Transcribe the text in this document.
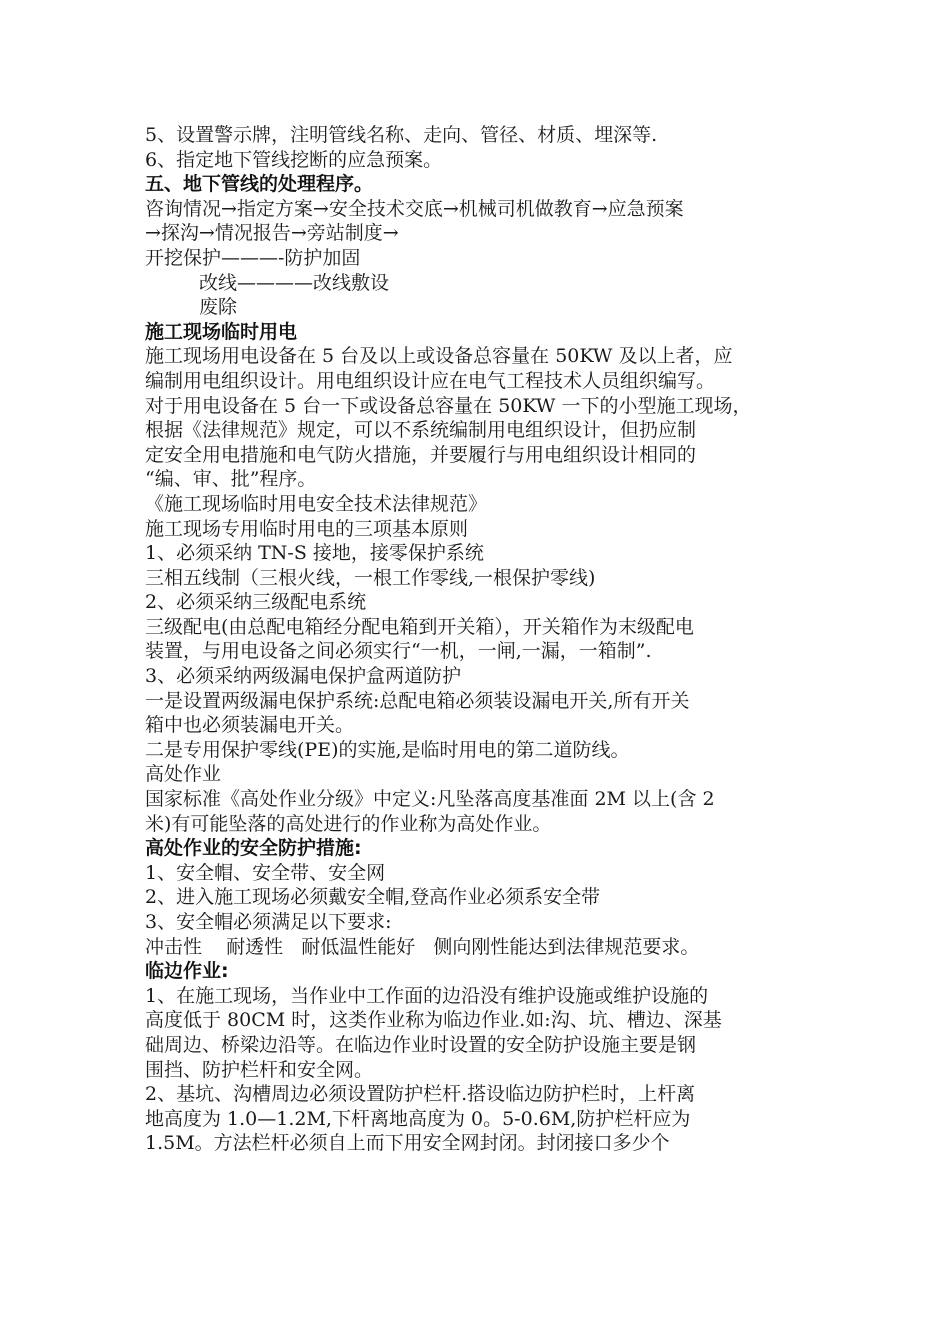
5、设置警示牌，注明管线名称、走向、管径、材质、埋深等.
6、指定地下管线挖断的应急预案。
五、地下管线的处理程序。
咨询情况→指定方案→安全技术交底→机械司机做教育→应急预案
→探沟→情况报告→旁站制度→
开挖保护———-防护加固
改线————改线敷设
废除
施工现场临时用电
施工现场用电设备在 5 台及以上或设备总容量在 50KW 及以上者，应
编制用电组织设计。用电组织设计应在电气工程技术人员组织编写。
对于用电设备在 5 台一下或设备总容量在 50KW 一下的小型施工现场，
根据《法律规范》规定，可以不系统编制用电组织设计，但扔应制
定安全用电措施和电气防火措施，并要履行与用电组织设计相同的
“编、审、批”程序。
《施工现场临时用电安全技术法律规范》
施工现场专用临时用电的三项基本原则
1、必须采纳 TN-S 接地，接零保护系统
三相五线制（三根火线，一根工作零线,一根保护零线)
2、必须采纳三级配电系统
三级配电(由总配电箱经分配电箱到开关箱），开关箱作为末级配电
装置，与用电设备之间必须实行“一机，一闸,一漏，一箱制”.
3、必须采纳两级漏电保护盒两道防护
一是设置两级漏电保护系统:总配电箱必须装设漏电开关,所有开关
箱中也必须装漏电开关。
二是专用保护零线(PE)的实施,是临时用电的第二道防线。
高处作业
国家标准《高处作业分级》中定义:凡坠落高度基准面 2M 以上(含 2
米)有可能坠落的高处进行的作业称为高处作业。
高处作业的安全防护措施:
1、安全帽、安全带、安全网
2、进入施工现场必须戴安全帽,登高作业必须系安全带
3、安全帽必须满足以下要求:
冲击性    耐透性   耐低温性能好   侧向刚性能达到法律规范要求。
临边作业:
1、在施工现场，当作业中工作面的边沿没有维护设施或维护设施的
高度低于 80CM 时，这类作业称为临边作业.如:沟、坑、槽边、深基
础周边、桥梁边沿等。在临边作业时设置的安全防护设施主要是钢
围挡、防护栏杆和安全网。
2、基坑、沟槽周边必须设置防护栏杆.搭设临边防护栏时，上杆离
地高度为 1.0—1.2M,下杆离地高度为 0。5-0.6M,防护栏杆应为
1.5M。方法栏杆必须自上而下用安全网封闭。封闭接口多少个
